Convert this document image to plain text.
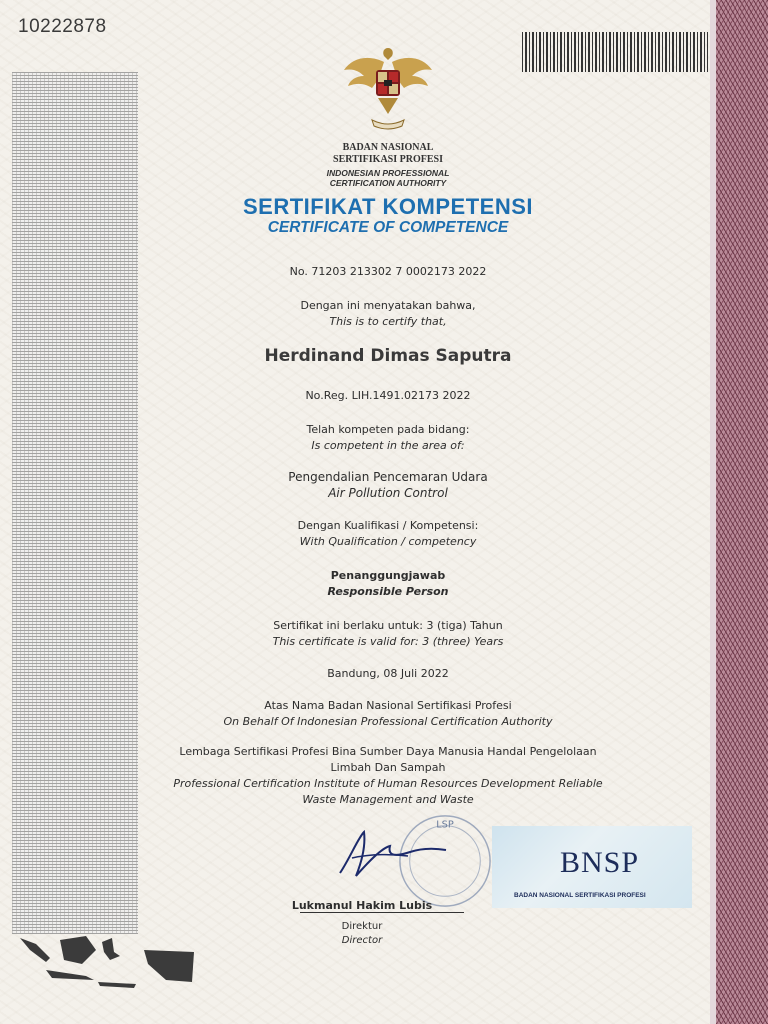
10222878
BADAN NASIONAL
SERTIFIKASI PROFESI
INDONESIAN PROFESSIONAL
CERTIFICATION AUTHORITY
SERTIFIKAT KOMPETENSI
CERTIFICATE OF COMPETENCE
No. 71203 213302 7 0002173 2022
Dengan ini menyatakan bahwa,
This is to certify that,
Herdinand Dimas Saputra
No.Reg. LIH.1491.02173 2022
Telah kompeten pada bidang:
Is competent in the area of:
Pengendalian Pencemaran Udara
Air Pollution Control
Dengan Kualifikasi / Kompetensi:
With Qualification / competency
Penanggungjawab
Responsible Person
Sertifikat ini berlaku untuk: 3 (tiga) Tahun
This certificate is valid for: 3 (three) Years
Bandung, 08 Juli 2022
Atas Nama Badan Nasional Sertifikasi Profesi
On Behalf Of Indonesian Professional Certification Authority
Lembaga Sertifikasi Profesi Bina Sumber Daya Manusia Handal Pengelolaan
Limbah Dan Sampah
Professional Certification Institute of Human Resources Development Reliable
Waste Management and Waste
LSP
Lukmanul Hakim Lubis
Direktur
Director
BNSP
BADAN NASIONAL SERTIFIKASI PROFESI
